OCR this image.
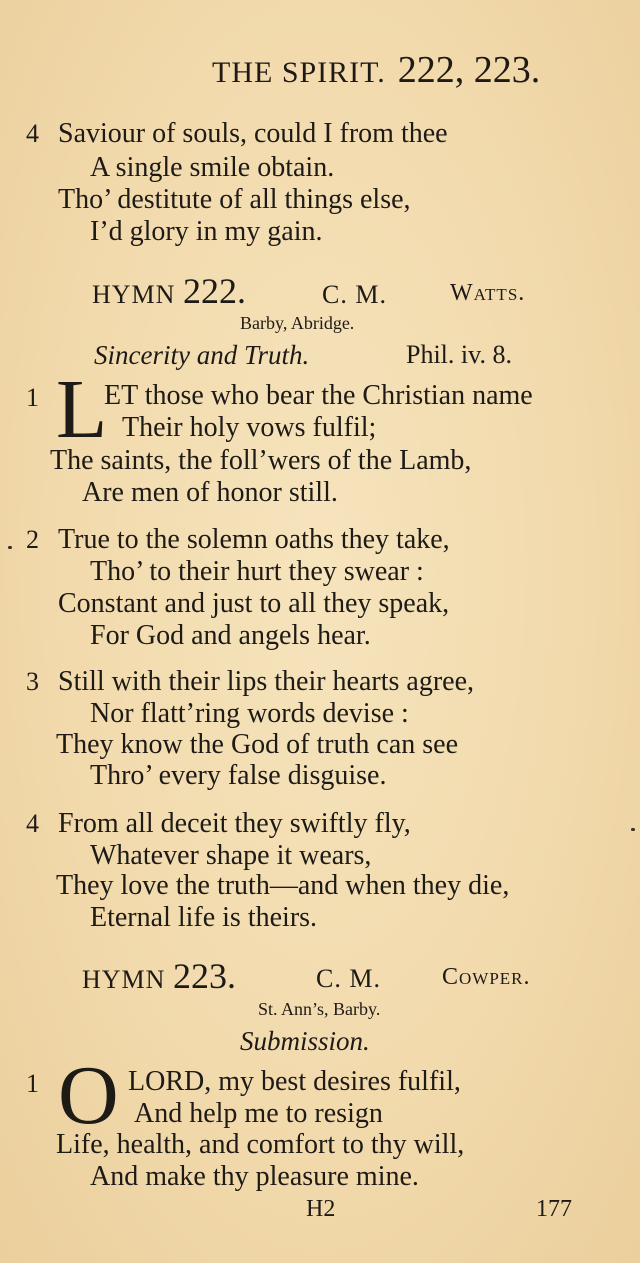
THE SPIRIT. 222, 223.
4 Saviour of souls, could I from thee
A single smile obtain.
Tho’ destitute of all things else,
I’d glory in my gain.
HYMN 222.	C. M.	Watts.
Barby, Abridge.
Sincerity and Truth.	Phil. iv. 8.
1 L
ET those who bear the Christian name
Their holy vows fulfil;
The saints, the foll’wers of the Lamb,
Are men of honor still.
2 True to the solemn oaths they take,
Tho’ to their hurt they swear :
Constant and just to all they speak,
For God and angels hear.
3 Still with their lips their hearts agree,
Nor flatt’ring words devise :
They know the God of truth can see
Thro’ every false disguise.
4 From all deceit they swiftly fly,
Whatever shape it wears,
They love the truth—and when they die,
Eternal life is theirs.
HYMN 223.	C. M.	Cowper.
St. Ann’s, Barby.
Submission.
1 O LORD, my best desires fulfil,
And help me to resign
Life, health, and comfort to thy will,
And make thy pleasure mine.
H2	177
